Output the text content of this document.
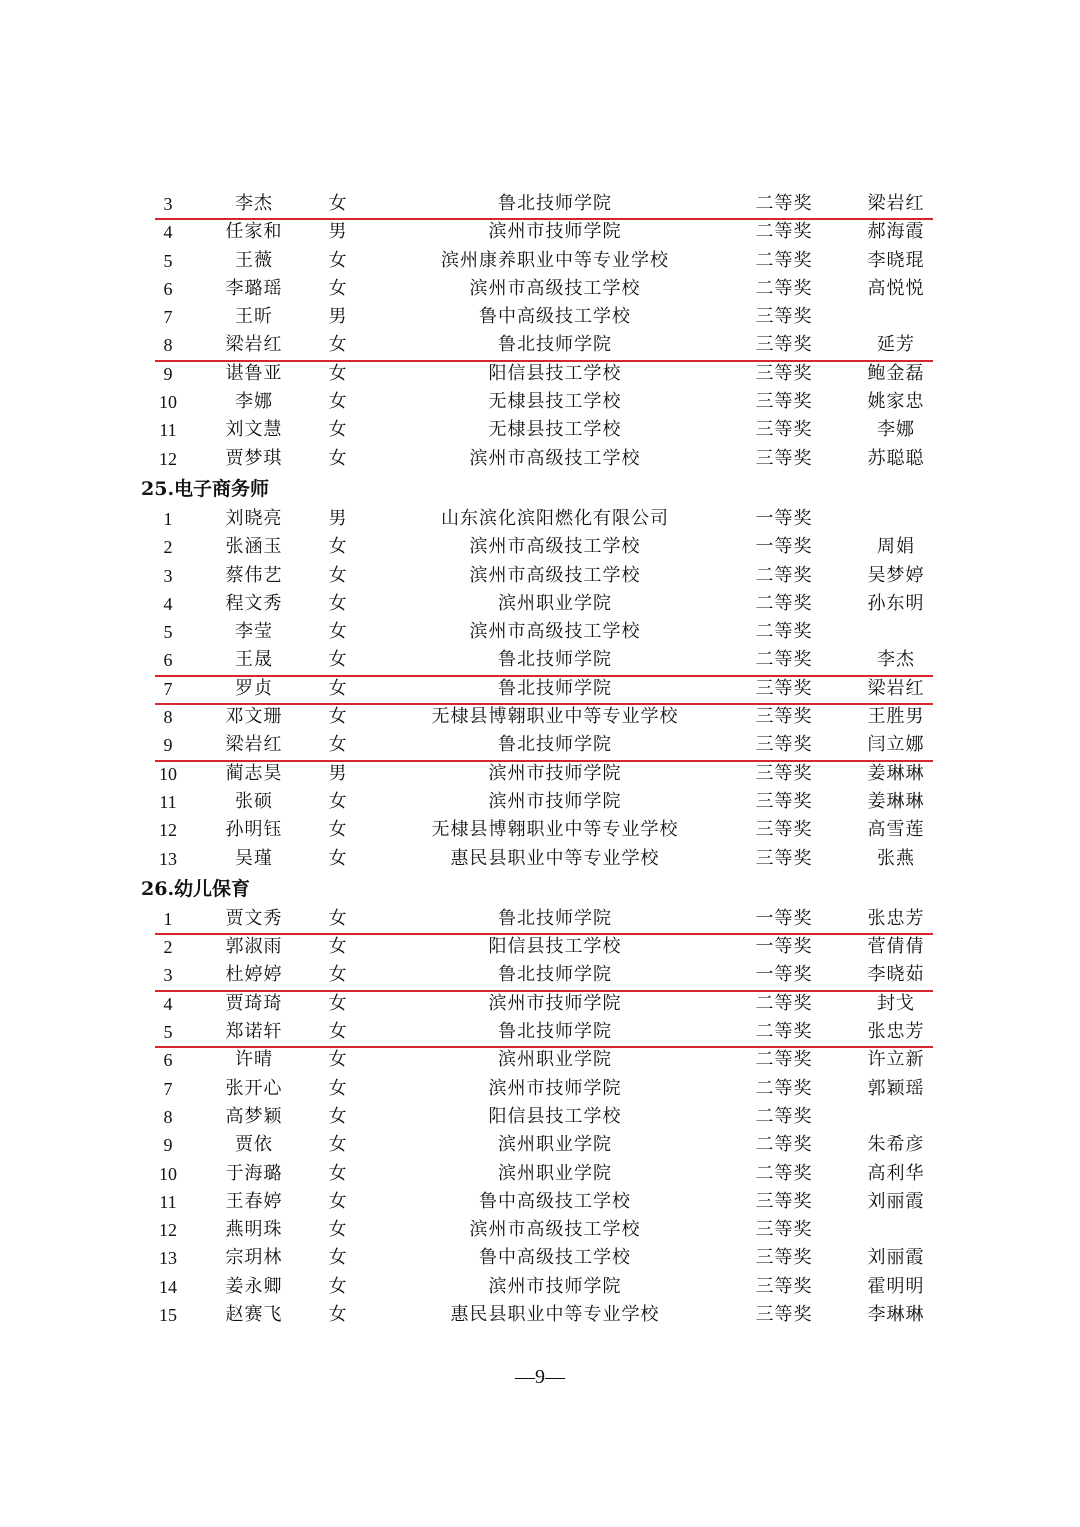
3	李杰	女	鲁北技师学院	二等奖	梁岩红
4	任家和	男	滨州市技师学院	二等奖	郝海霞
5	王薇	女	滨州康养职业中等专业学校	二等奖	李晓琨
6	李璐瑶	女	滨州市高级技工学校	二等奖	高悦悦
7	王昕	男	鲁中高级技工学校	三等奖
8	梁岩红	女	鲁北技师学院	三等奖	延芳
9	谌鲁亚	女	阳信县技工学校	三等奖	鲍金磊
10	李娜	女	无棣县技工学校	三等奖	姚家忠
11	刘文慧	女	无棣县技工学校	三等奖	李娜
12	贾梦琪	女	滨州市高级技工学校	三等奖	苏聪聪
25.电子商务师
1	刘晓亮	男	山东滨化滨阳燃化有限公司	一等奖
2	张涵玉	女	滨州市高级技工学校	一等奖	周娟
3	蔡伟艺	女	滨州市高级技工学校	二等奖	吴梦婷
4	程文秀	女	滨州职业学院	二等奖	孙东明
5	李莹	女	滨州市高级技工学校	二等奖
6	王晟	女	鲁北技师学院	二等奖	李杰
7	罗贞	女	鲁北技师学院	三等奖	梁岩红
8	邓文珊	女	无棣县博翱职业中等专业学校	三等奖	王胜男
9	梁岩红	女	鲁北技师学院	三等奖	闫立娜
10	蔺志昊	男	滨州市技师学院	三等奖	姜琳琳
11	张硕	女	滨州市技师学院	三等奖	姜琳琳
12	孙明钰	女	无棣县博翱职业中等专业学校	三等奖	高雪莲
13	吴瑾	女	惠民县职业中等专业学校	三等奖	张燕
26.幼儿保育
1	贾文秀	女	鲁北技师学院	一等奖	张忠芳
2	郭淑雨	女	阳信县技工学校	一等奖	菅倩倩
3	杜婷婷	女	鲁北技师学院	一等奖	李晓茹
4	贾琦琦	女	滨州市技师学院	二等奖	封戈
5	郑诺轩	女	鲁北技师学院	二等奖	张忠芳
6	许晴	女	滨州职业学院	二等奖	许立新
7	张开心	女	滨州市技师学院	二等奖	郭颖瑶
8	高梦颖	女	阳信县技工学校	二等奖
9	贾依	女	滨州职业学院	二等奖	朱希彦
10	于海璐	女	滨州职业学院	二等奖	高利华
11	王春婷	女	鲁中高级技工学校	三等奖	刘丽霞
12	燕明珠	女	滨州市高级技工学校	三等奖
13	宗玥林	女	鲁中高级技工学校	三等奖	刘丽霞
14	姜永卿	女	滨州市技师学院	三等奖	霍明明
15	赵赛飞	女	惠民县职业中等专业学校	三等奖	李琳琳
—9—
